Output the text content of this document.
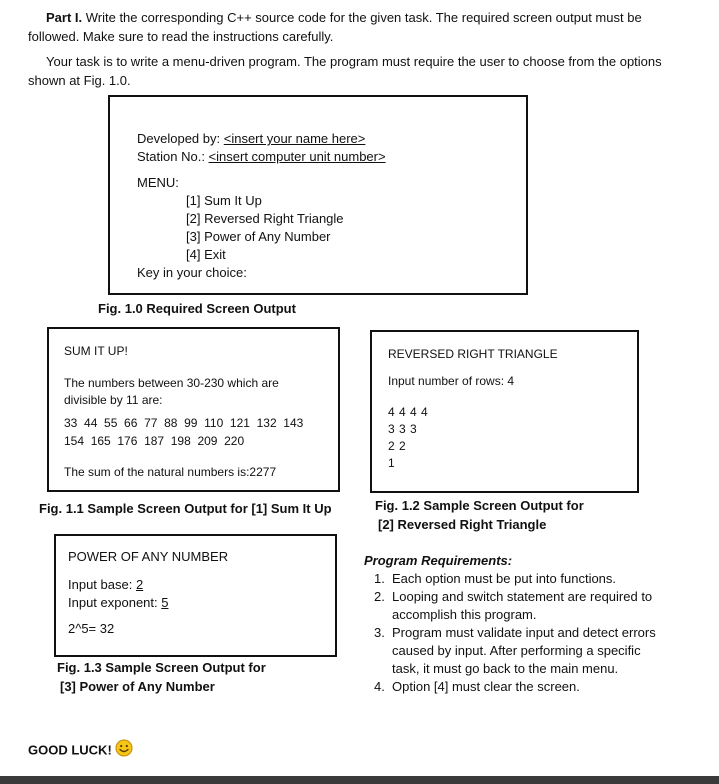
Part I. Write the corresponding C++ source code for the given task. The required screen output must be followed. Make sure to read the instructions carefully.
Your task is to write a menu-driven program. The program must require the user to choose from the options shown at Fig. 1.0.
Developed by: <insert your name here>
Station No.: <insert computer unit number>
MENU:
[1] Sum It Up
[2] Reversed Right Triangle
[3] Power of Any Number
[4] Exit
Key in your choice:
Fig. 1.0 Required Screen Output
SUM IT UP!
The numbers between 30-230 which are
divisible by 11 are:
33  44  55  66  77  88  99  110  121  132  143
154  165  176  187  198  209  220
The sum of the natural numbers is:2277
Fig. 1.1 Sample Screen Output for [1] Sum It Up
REVERSED RIGHT TRIANGLE
Input number of rows: 4
4 4 4 4
3 3 3
2 2
1
Fig. 1.2 Sample Screen Output for
[2] Reversed Right Triangle
POWER OF ANY NUMBER
Input base: 2
Input exponent: 5
2^5= 32
Fig. 1.3 Sample Screen Output for
[3] Power of Any Number
Program Requirements:
1. Each option must be put into functions.
2. Looping and switch statement are required to accomplish this program.
3. Program must validate input and detect errors caused by input. After performing a specific task, it must go back to the main menu.
4. Option [4] must clear the screen.
GOOD LUCK!
